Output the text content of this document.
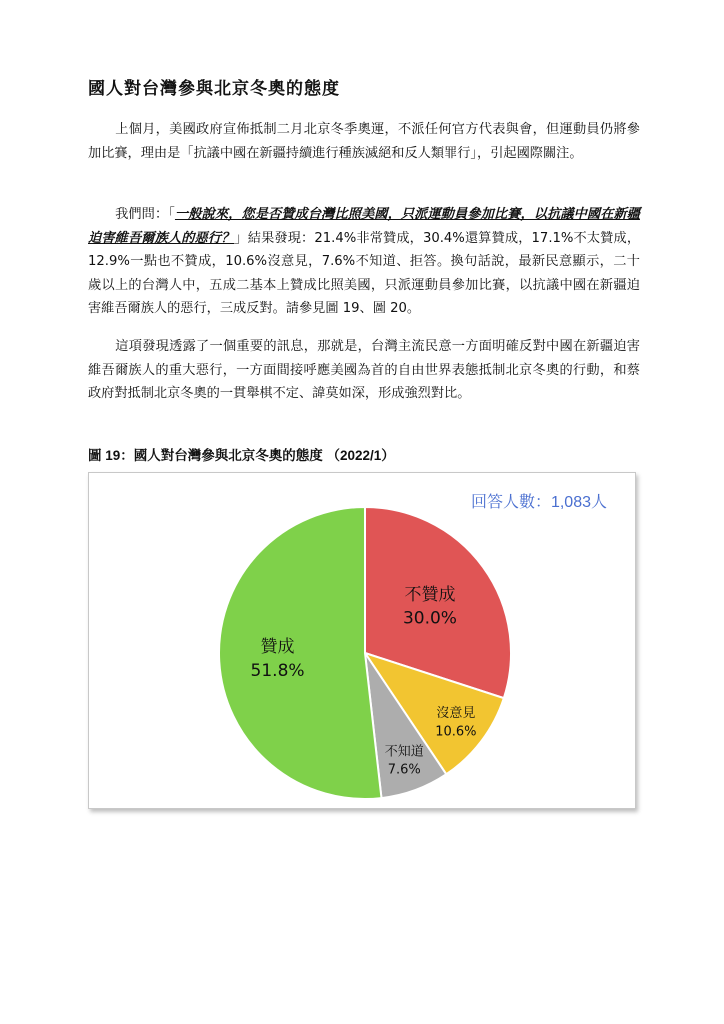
國人對台灣參與北京冬奧的態度

上個月，美國政府宣佈抵制二月北京冬季奧運，不派任何官方代表與會，但運動員仍將參加比賽，理由是「抗議中國在新疆持續進行種族滅絕和反人類罪行」，引起國際關注。

我們問：「一般說來，您是否贊成台灣比照美國，只派運動員參加比賽，以抗議中國在新疆迫害維吾爾族人的惡行？」結果發現：21.4%非常贊成，30.4%還算贊成，17.1%不太贊成，12.9%一點也不贊成，10.6%沒意見，7.6%不知道、拒答。換句話說，最新民意顯示，二十歲以上的台灣人中，五成二基本上贊成比照美國，只派運動員參加比賽，以抗議中國在新疆迫害維吾爾族人的惡行，三成反對。請參見圖 19、圖 20。

這項發現透露了一個重要的訊息，那就是，台灣主流民意一方面明確反對中國在新疆迫害維吾爾族人的重大惡行，一方面間接呼應美國為首的自由世界表態抵制北京冬奧的行動，和蔡政府對抵制北京冬奧的一貫舉棋不定、諱莫如深，形成強烈對比。

圖 19：國人對台灣參與北京冬奧的態度 （2022/1）
不贊成
30.0%
沒意見
10.6%
不知道
7.6%
贊成
51.8%
回答人數：1,083人
